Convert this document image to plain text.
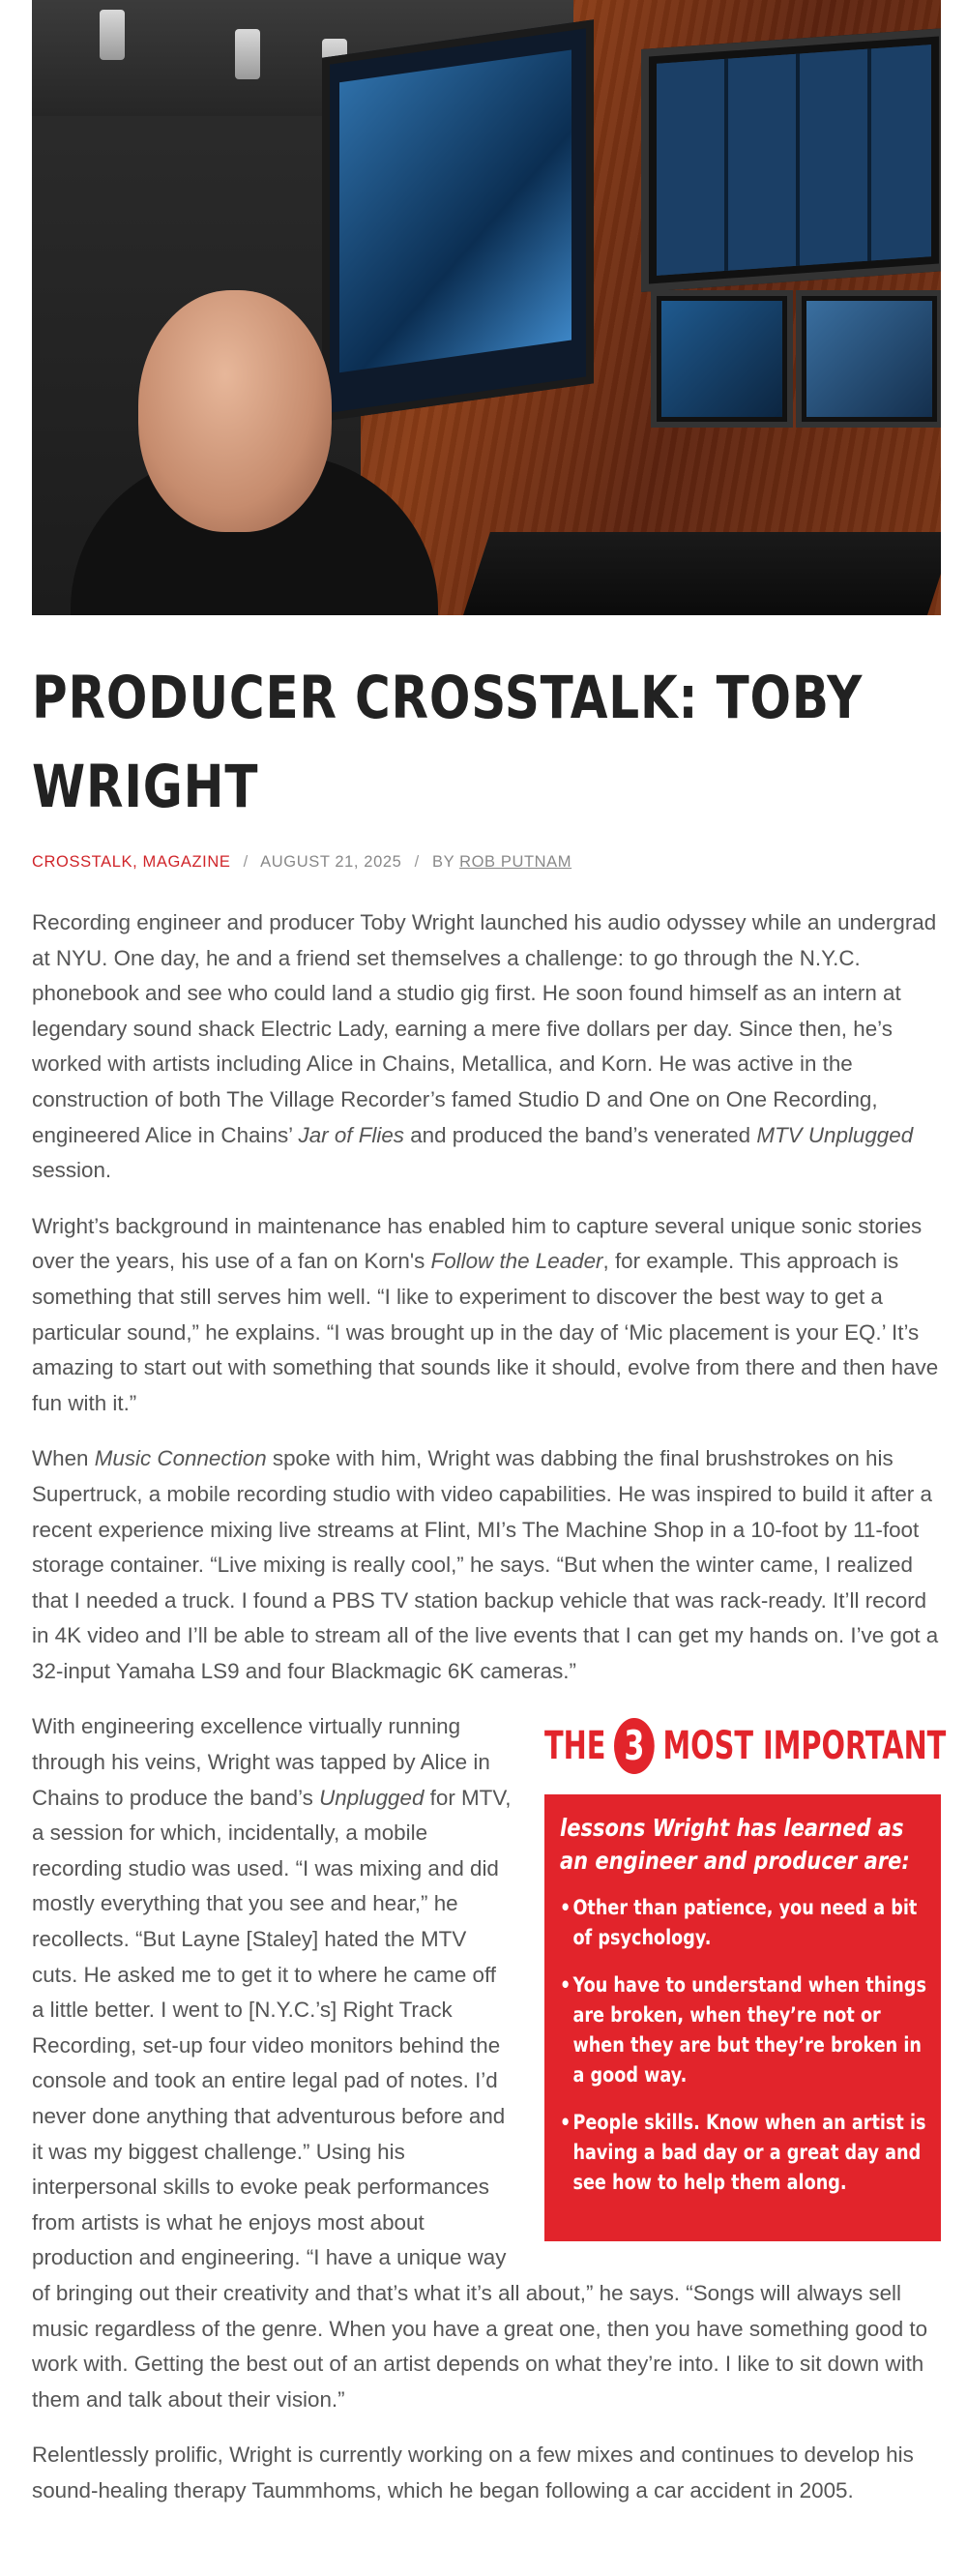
PRODUCER CROSSTALK: TOBY
WRIGHT
CROSSTALK, MAGAZINE / AUGUST 21, 2025 / BY ROB PUTNAM

Recording engineer and producer Toby Wright launched his audio odyssey while an undergrad at NYU. One day, he and a friend set themselves a challenge: to go through the N.Y.C. phonebook and see who could land a studio gig first. He soon found himself as an intern at legendary sound shack Electric Lady, earning a mere five dollars per day. Since then, he’s worked with artists including Alice in Chains, Metallica, and Korn. He was active in the construction of both The Village Recorder’s famed Studio D and One on One Recording, engineered Alice in Chains’ Jar of Flies and produced the band’s venerated MTV Unplugged session.

Wright’s background in maintenance has enabled him to capture several unique sonic stories over the years, his use of a fan on Korn's Follow the Leader, for example. This approach is something that still serves him well. “I like to experiment to discover the best way to get a particular sound,” he explains. “I was brought up in the day of ‘Mic placement is your EQ.’ It’s amazing to start out with something that sounds like it should, evolve from there and then have fun with it.”

When Music Connection spoke with him, Wright was dabbing the final brushstrokes on his Supertruck, a mobile recording studio with video capabilities. He was inspired to build it after a recent experience mixing live streams at Flint, MI’s The Machine Shop in a 10-foot by 11-foot storage container. “Live mixing is really cool,” he says. “But when the winter came, I realized that I needed a truck. I found a PBS TV station backup vehicle that was rack-ready. It’ll record in 4K video and I’ll be able to stream all of the live events that I can get my hands on. I’ve got a 32-input Yamaha LS9 and four Blackmagic 6K cameras.”

THE 3 MOST IMPORTANT
lessons Wright has learned as an engineer and producer are:
• Other than patience, you need a bit of psychology.
• You have to understand when things are broken, when they’re not or when they are but they’re broken in a good way.
• People skills. Know when an artist is having a bad day or a great day and see how to help them along.

With engineering excellence virtually running through his veins, Wright was tapped by Alice in Chains to produce the band’s Unplugged for MTV, a session for which, incidentally, a mobile recording studio was used. “I was mixing and did mostly everything that you see and hear,” he recollects. “But Layne [Staley] hated the MTV cuts. He asked me to get it to where he came off a little better. I went to [N.Y.C.’s] Right Track Recording, set-up four video monitors behind the console and took an entire legal pad of notes. I’d never done anything that adventurous before and it was my biggest challenge.” Using his interpersonal skills to evoke peak performances from artists is what he enjoys most about production and engineering. “I have a unique way of bringing out their creativity and that’s what it’s all about,” he says. “Songs will always sell music regardless of the genre. When you have a great one, then you have something good to work with. Getting the best out of an artist depends on what they’re into. I like to sit down with them and talk about their vision.”

Relentlessly prolific, Wright is currently working on a few mixes and continues to develop his sound-healing therapy Taummhoms, which he began following a car accident in 2005.
